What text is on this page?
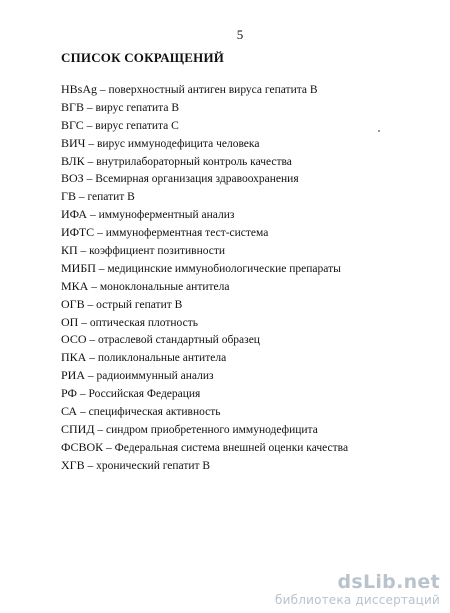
5
СПИСОК СОКРАЩЕНИЙ
HBsAg – поверхностный антиген вируса гепатита В
ВГВ – вирус гепатита В
ВГС – вирус гепатита С
ВИЧ – вирус иммунодефицита человека
ВЛК – внутрилабораторный контроль качества
ВОЗ – Всемирная организация здравоохранения
ГВ – гепатит В
ИФА – иммуноферментный анализ
ИФТС – иммуноферментная тест-система
КП – коэффициент позитивности
МИБП – медицинские иммунобиологические препараты
МКА – моноклональные антитела
ОГВ – острый гепатит В
ОП – оптическая плотность
ОСО – отраслевой стандартный образец
ПКА – поликлональные антитела
РИА – радиоиммунный анализ
РФ – Российская Федерация
СА – специфическая активность
СПИД – синдром приобретенного иммунодефицита
ФСВОК – Федеральная система внешней оценки качества
ХГВ – хронический гепатит В
dsLib.net
библиотека диссертаций
